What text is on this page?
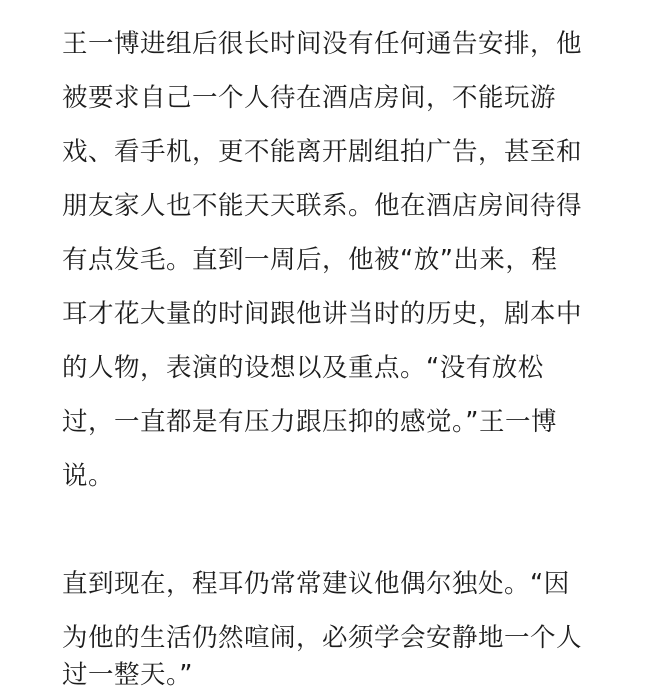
王一博进组后很长时间没有任何通告安排，他
被要求自己一个人待在酒店房间，不能玩游
戏、看手机，更不能离开剧组拍广告，甚至和
朋友家人也不能天天联系。他在酒店房间待得
有点发毛。直到一周后，他被“放”出来，程
耳才花大量的时间跟他讲当时的历史，剧本中
的人物，表演的设想以及重点。“没有放松
过，一直都是有压力跟压抑的感觉。”王一博
说。
直到现在，程耳仍常常建议他偶尔独处。“因
为他的生活仍然喧闹，必须学会安静地一个人
过一整天。”
